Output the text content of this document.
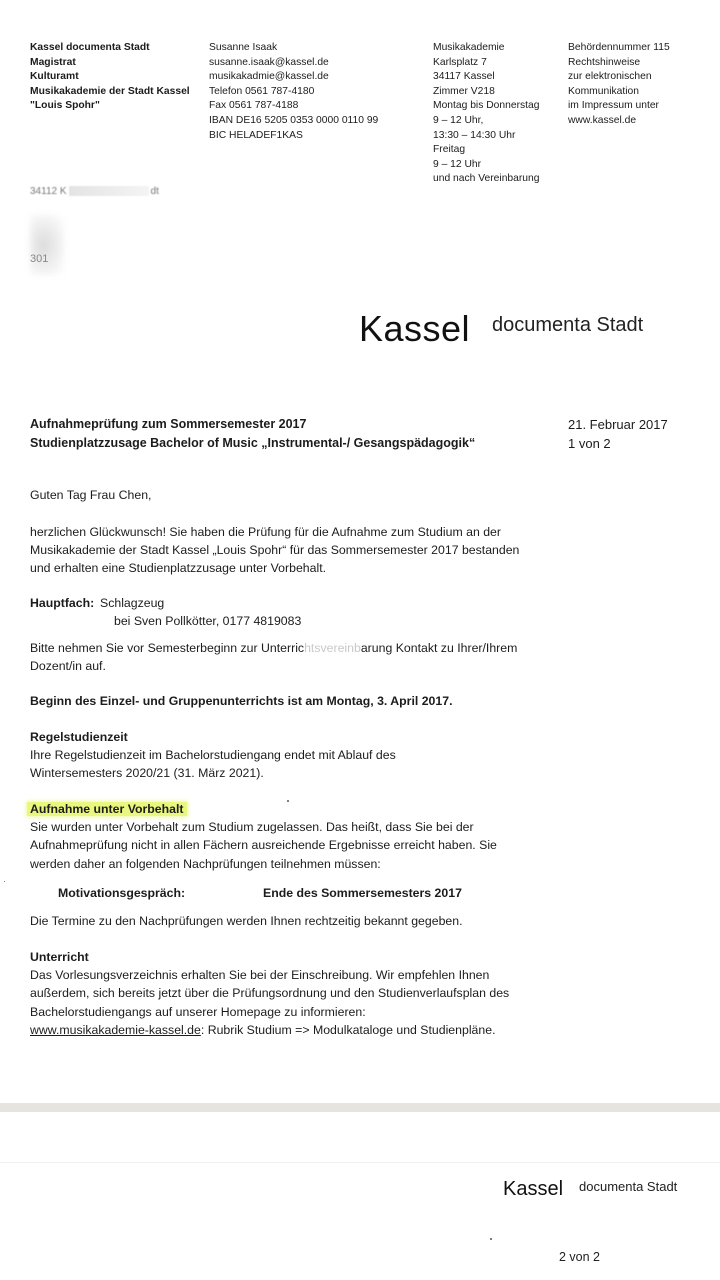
Kassel documenta Stadt
Magistrat
Kulturamt
Musikakademie der Stadt Kassel
"Louis Spohr"
Susanne Isaak
susanne.isaak@kassel.de
musikakadmie@kassel.de
Telefon 0561 787-4180
Fax 0561 787-4188
IBAN DE16 5205 0353 0000 0110 99
BIC HELADEF1KAS
Musikakademie
Karlsplatz 7
34117 Kassel
Zimmer V218
Montag bis Donnerstag
9 – 12 Uhr,
13:30 – 14:30 Uhr
Freitag
9 – 12 Uhr
und nach Vereinbarung
Behördennummer 115
Rechtshinweise
zur elektronischen
Kommunikation
im Impressum unter
www.kassel.de
34112 K	dt
301
Kassel documenta Stadt
Aufnahmeprüfung zum Sommersemester 2017
Studienplatzzusage Bachelor of Music „Instrumental-/ Gesangspädagogik“
21. Februar 2017
1 von 2
Guten Tag Frau Chen,
herzlichen Glückwunsch! Sie haben die Prüfung für die Aufnahme zum Studium an der
Musikakademie der Stadt Kassel „Louis Spohr“ für das Sommersemester 2017 bestanden
und erhalten eine Studienplatzzusage unter Vorbehalt.
Hauptfach: Schlagzeug
bei Sven Pollkötter, 0177 4819083
Bitte nehmen Sie vor Semesterbeginn zur Unterrichtsvereinbarung Kontakt zu Ihrer/Ihrem
Dozent/in auf.
Beginn des Einzel- und Gruppenunterrichts ist am Montag, 3. April 2017.
Regelstudienzeit
Ihre Regelstudienzeit im Bachelorstudiengang endet mit Ablauf des
Wintersemesters 2020/21 (31. März 2021).
Aufnahme unter Vorbehalt
Sie wurden unter Vorbehalt zum Studium zugelassen. Das heißt, dass Sie bei der
Aufnahmeprüfung nicht in allen Fächern ausreichende Ergebnisse erreicht haben. Sie
werden daher an folgenden Nachprüfungen teilnehmen müssen:
Motivationsgespräch:	Ende des Sommersemesters 2017
Die Termine zu den Nachprüfungen werden Ihnen rechtzeitig bekannt gegeben.
Unterricht
Das Vorlesungsverzeichnis erhalten Sie bei der Einschreibung. Wir empfehlen Ihnen
außerdem, sich bereits jetzt über die Prüfungsordnung und den Studienverlaufsplan des
Bachelorstudiengangs auf unserer Homepage zu informieren:
www.musikakademie-kassel.de: Rubrik Studium => Modulkataloge und Studienpläne.
Kassel documenta Stadt
2 von 2
